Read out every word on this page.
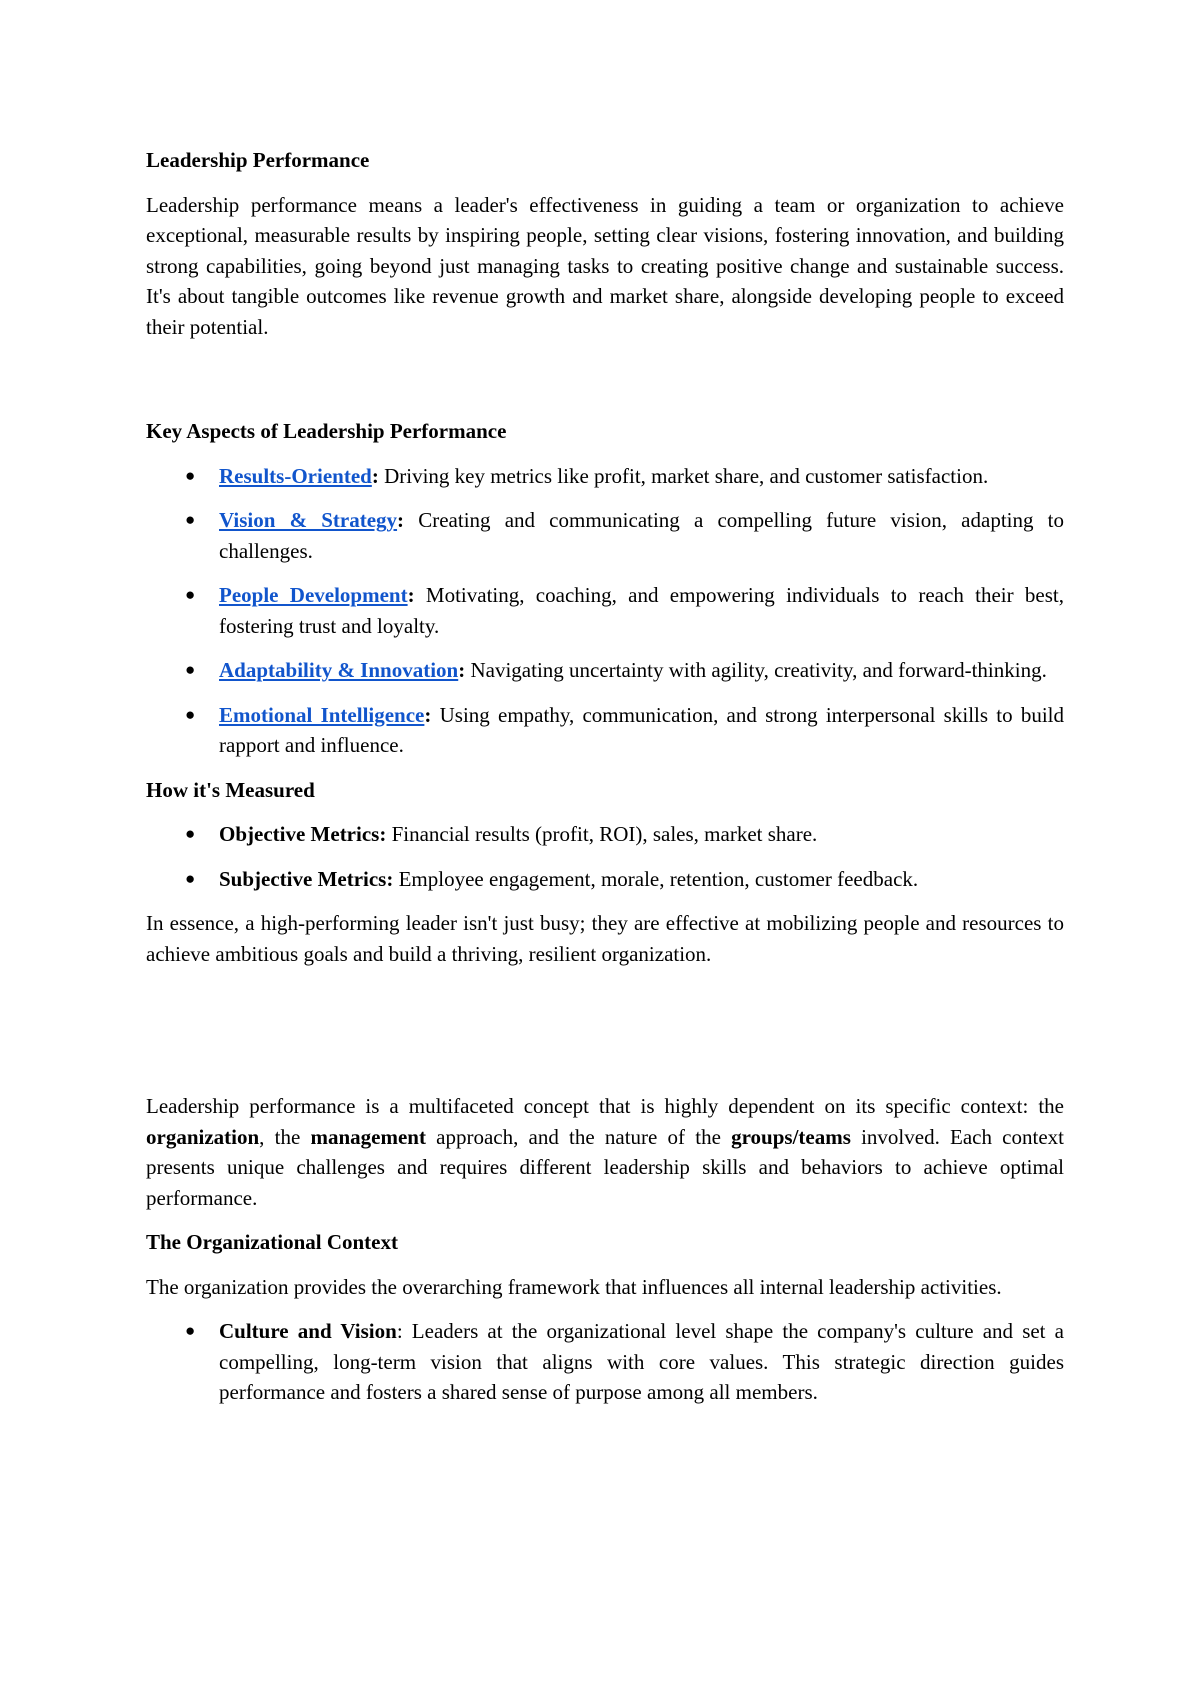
Leadership Performance

Leadership performance means a leader's effectiveness in guiding a team or organization to achieve exceptional, measurable results by inspiring people, setting clear visions, fostering innovation, and building strong capabilities, going beyond just managing tasks to creating positive change and sustainable success. It's about tangible outcomes like revenue growth and market share, alongside developing people to exceed their potential.

Key Aspects of Leadership Performance
● Results-Oriented: Driving key metrics like profit, market share, and customer satisfaction.
● Vision & Strategy: Creating and communicating a compelling future vision, adapting to challenges.
● People Development: Motivating, coaching, and empowering individuals to reach their best, fostering trust and loyalty.
● Adaptability & Innovation: Navigating uncertainty with agility, creativity, and forward-thinking.
● Emotional Intelligence: Using empathy, communication, and strong interpersonal skills to build rapport and influence.
How it's Measured
● Objective Metrics: Financial results (profit, ROI), sales, market share.
● Subjective Metrics: Employee engagement, morale, retention, customer feedback.

In essence, a high-performing leader isn't just busy; they are effective at mobilizing people and resources to achieve ambitious goals and build a thriving, resilient organization.

Leadership performance is a multifaceted concept that is highly dependent on its specific context: the organization, the management approach, and the nature of the groups/teams involved. Each context presents unique challenges and requires different leadership skills and behaviors to achieve optimal performance.

The Organizational Context

The organization provides the overarching framework that influences all internal leadership activities.

● Culture and Vision: Leaders at the organizational level shape the company's culture and set a compelling, long-term vision that aligns with core values. This strategic direction guides performance and fosters a shared sense of purpose among all members.
